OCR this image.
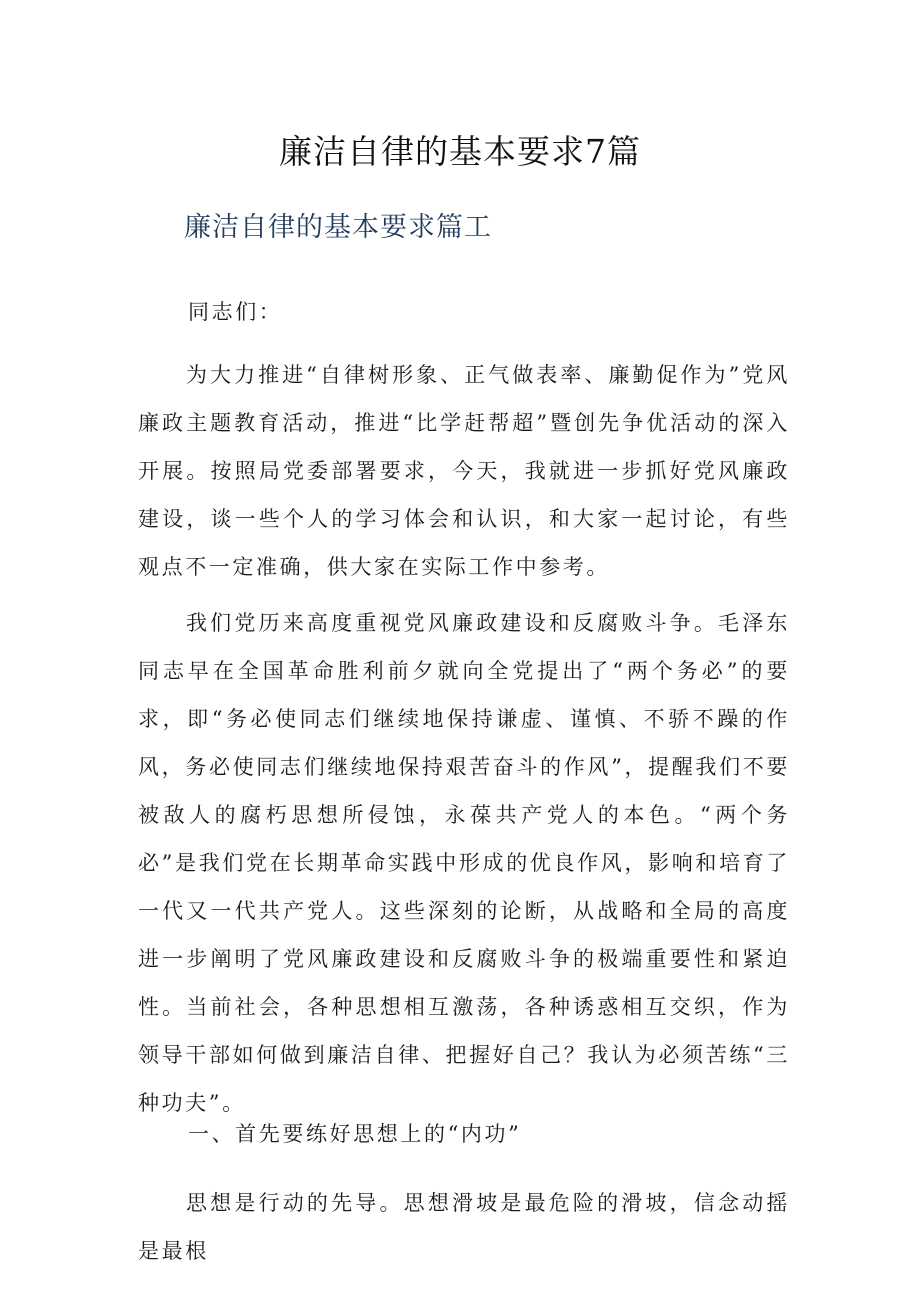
廉洁自律的基本要求7篇
廉洁自律的基本要求篇工
同志们：

为大力推进“自律树形象、正气做表率、廉勤促作为”党风廉政主题教育活动，推进“比学赶帮超”暨创先争优活动的深入开展。按照局党委部署要求，今天，我就进一步抓好党风廉政建设，谈一些个人的学习体会和认识，和大家一起讨论，有些观点不一定准确，供大家在实际工作中参考。

我们党历来高度重视党风廉政建设和反腐败斗争。毛泽东同志早在全国革命胜利前夕就向全党提出了“两个务必”的要求，即“务必使同志们继续地保持谦虚、谨慎、不骄不躁的作风，务必使同志们继续地保持艰苦奋斗的作风”，提醒我们不要被敌人的腐朽思想所侵蚀，永葆共产党人的本色。“两个务必”是我们党在长期革命实践中形成的优良作风，影响和培育了一代又一代共产党人。这些深刻的论断，从战略和全局的高度进一步阐明了党风廉政建设和反腐败斗争的极端重要性和紧迫性。当前社会，各种思想相互激荡，各种诱惑相互交织，作为领导干部如何做到廉洁自律、把握好自己？我认为必须苦练“三种功夫”。

一、首先要练好思想上的“内功”

思想是行动的先导。思想滑坡是最危险的滑坡，信念动摇是最根
